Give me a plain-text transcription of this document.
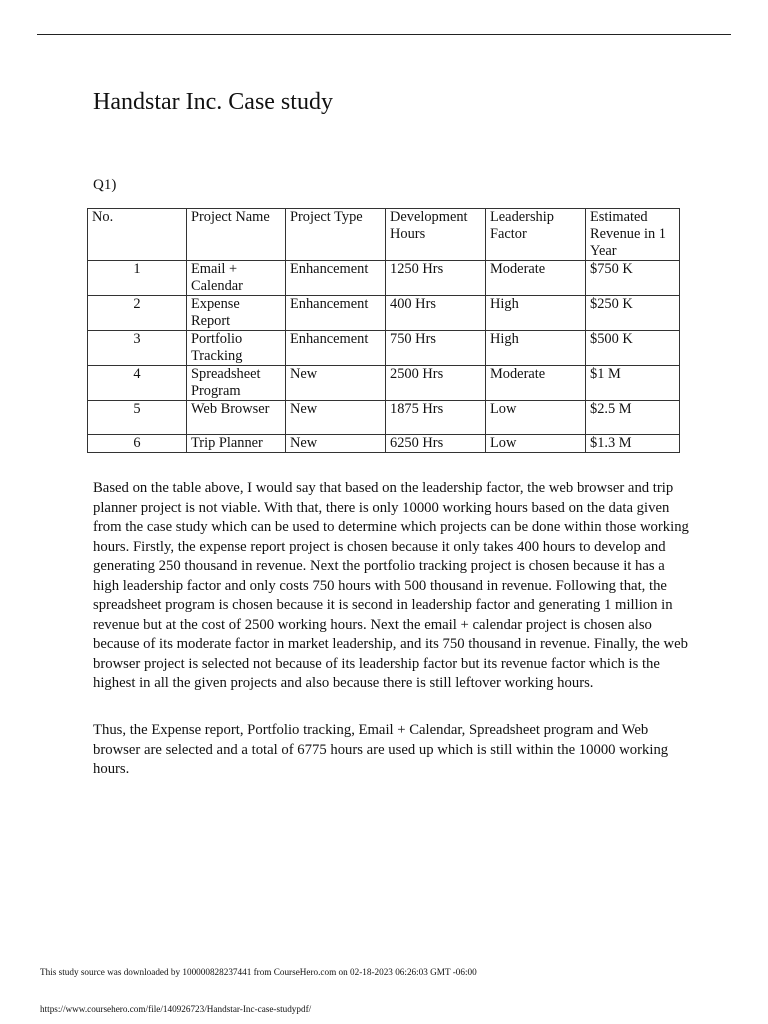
Handstar Inc. Case study
Q1)
No.	Project Name	Project Type	Development Hours	Leadership Factor	Estimated Revenue in 1 Year
1	Email + Calendar	Enhancement	1250 Hrs	Moderate	$750 K
2	Expense Report	Enhancement	400 Hrs	High	$250 K
3	Portfolio Tracking	Enhancement	750 Hrs	High	$500 K
4	Spreadsheet Program	New	2500 Hrs	Moderate	$1 M
5	Web Browser	New	1875 Hrs	Low	$2.5 M
6	Trip Planner	New	6250 Hrs	Low	$1.3 M

Based on the table above, I would say that based on the leadership factor, the web browser and trip planner project is not viable. With that, there is only 10000 working hours based on the data given from the case study which can be used to determine which projects can be done within those working hours. Firstly, the expense report project is chosen because it only takes 400 hours to develop and generating 250 thousand in revenue. Next the portfolio tracking project is chosen because it has a high leadership factor and only costs 750 hours with 500 thousand in revenue. Following that, the spreadsheet program is chosen because it is second in leadership factor and generating 1 million in revenue but at the cost of 2500 working hours. Next the email + calendar project is chosen also because of its moderate factor in market leadership, and its 750 thousand in revenue. Finally, the web browser project is selected not because of its leadership factor but its revenue factor which is the highest in all the given projects and also because there is still leftover working hours.

Thus, the Expense report, Portfolio tracking, Email + Calendar, Spreadsheet program and Web browser are selected and a total of 6775 hours are used up which is still within the 10000 working hours.

This study source was downloaded by 100000828237441 from CourseHero.com on 02-18-2023 06:26:03 GMT -06:00
https://www.coursehero.com/file/140926723/Handstar-Inc-case-studypdf/
